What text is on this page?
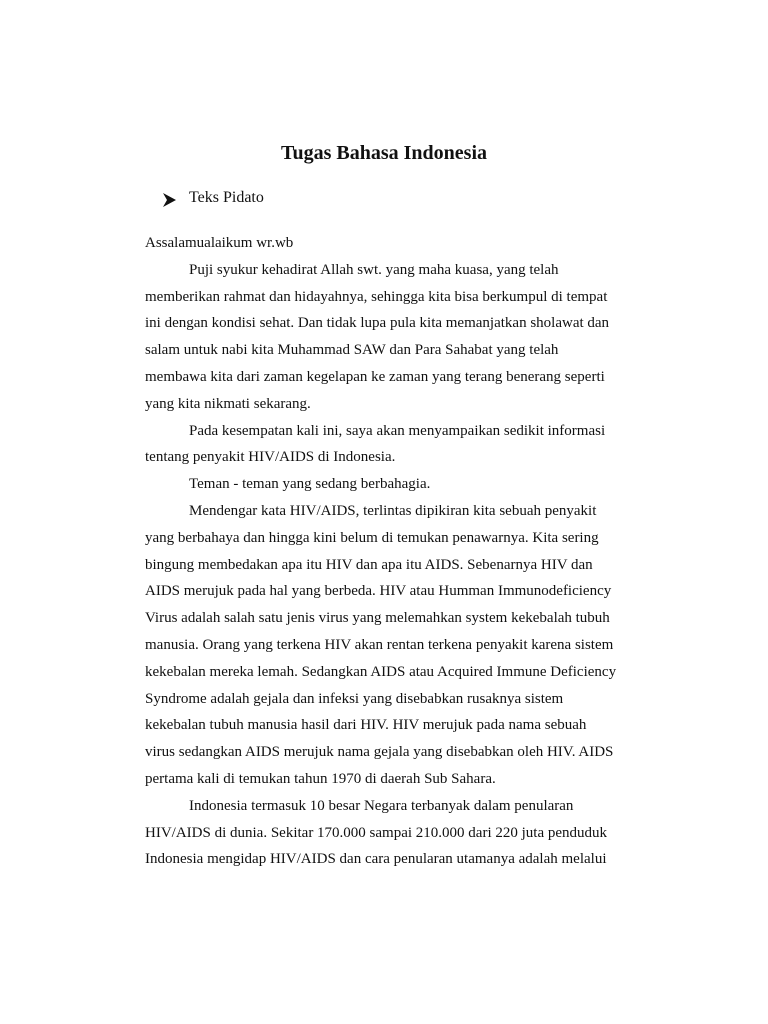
Tugas Bahasa Indonesia
Teks Pidato
Assalamualaikum wr.wb
Puji syukur kehadirat Allah swt. yang maha kuasa, yang telah
memberikan rahmat dan hidayahnya, sehingga kita bisa berkumpul di tempat
ini dengan kondisi sehat. Dan tidak lupa pula kita memanjatkan sholawat dan
salam untuk nabi kita Muhammad SAW dan Para Sahabat yang telah
membawa kita dari zaman kegelapan ke zaman yang terang benerang seperti
yang kita nikmati sekarang.
Pada kesempatan kali ini, saya akan menyampaikan sedikit informasi
tentang penyakit HIV/AIDS di Indonesia.
Teman - teman yang sedang berbahagia.
Mendengar kata HIV/AIDS, terlintas dipikiran kita sebuah penyakit
yang berbahaya dan hingga kini belum di temukan penawarnya. Kita sering
bingung membedakan apa itu HIV dan apa itu AIDS. Sebenarnya HIV dan
AIDS merujuk pada hal yang berbeda. HIV atau Humman Immunodeficiency
Virus adalah salah satu jenis virus yang melemahkan system kekebalah tubuh
manusia. Orang yang terkena HIV akan rentan terkena penyakit karena sistem
kekebalan mereka lemah. Sedangkan AIDS atau Acquired Immune Deficiency
Syndrome adalah gejala dan infeksi yang disebabkan rusaknya sistem
kekebalan tubuh manusia hasil dari HIV. HIV merujuk pada nama sebuah
virus sedangkan AIDS merujuk nama gejala yang disebabkan oleh HIV. AIDS
pertama kali di temukan tahun 1970 di daerah Sub Sahara.
Indonesia termasuk 10 besar Negara terbanyak dalam penularan
HIV/AIDS di dunia. Sekitar 170.000 sampai 210.000 dari 220 juta penduduk
Indonesia mengidap HIV/AIDS dan cara penularan utamanya adalah melalui
